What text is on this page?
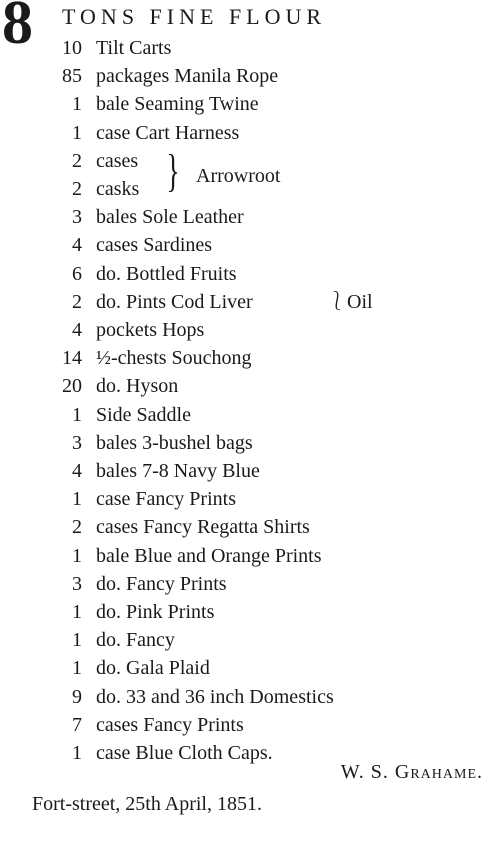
8 TONS FINE FLOUR
10 Tilt Carts
85 packages Manila Rope
1 bale Seaming Twine
1 case Cart Harness
2 cases
2 casks
3 bales Sole Leather
4 cases Sardines
6 do. Bottled Fruits
2 do. Pints Cod Liver	⎱Oil
4 pockets Hops
14 ½-chests Souchong
20 do. Hyson
1 Side Saddle
3 bales 3-bushel bags
4 bales 7-8 Navy Blue
1 case Fancy Prints
2 cases Fancy Regatta Shirts
1 bale Blue and Orange Prints
3 do. Fancy Prints
1 do. Pink Prints
1 do. Fancy
1 do. Gala Plaid
9 do. 33 and 36 inch Domestics
7 cases Fancy Prints
1 case Blue Cloth Caps.
} Arrowroot
W. S. Grahame.
Fort-street, 25th April, 1851.
